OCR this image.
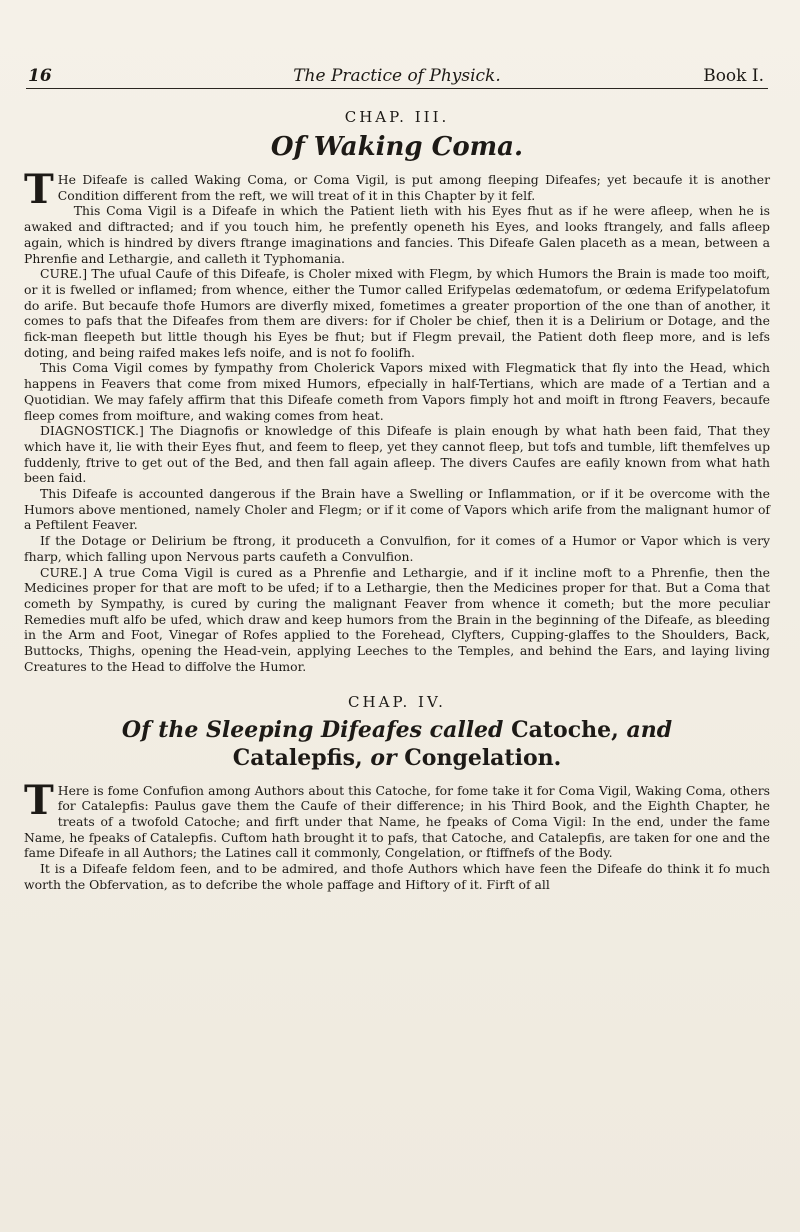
16	The Practice of Physick.	Book I.
CHAP. III.
Of Waking Coma.

T He Difeafe is called Waking Coma, or Coma Vigil, is put among fleeping Difeafes; yet becaufe it is another Condition different from the reft, we will treat of it in this Chapter by it felf.

This Coma Vigil is a Difeafe in which the Patient lieth with his Eyes fhut as if he were afleep, when he is awaked and diftracted; and if you touch him, he prefently openeth his Eyes, and looks ftrangely, and falls afleep again, which is hindred by divers ftrange imaginations and fancies. This Difeafe Galen placeth as a mean, between a Phrenfie and Lethargie, and calleth it Typhomania.

CURE.] The ufual Caufe of this Difeafe, is Choler mixed with Flegm, by which Humors the Brain is made too moift, or it is fwelled or inflamed; from whence, either the Tumor called Erifypelas œdematofum, or œdema Erifypelatofum do arife. But becaufe thofe Humors are diverfly mixed, fometimes a greater proportion of the one than of another, it comes to pafs that the Difeafes from them are divers: for if Choler be chief, then it is a Delirium or Dotage, and the fick-man fleepeth but little though his Eyes be fhut; but if Flegm prevail, the Patient doth fleep more, and is lefs doting, and being raifed makes lefs noife, and is not fo foolifh.

This Coma Vigil comes by fympathy from Cholerick Vapors mixed with Flegmatick that fly into the Head, which happens in Feavers that come from mixed Humors, efpecially in half-Tertians, which are made of a Tertian and a Quotidian. We may fafely affirm that this Difeafe cometh from Vapors fimply hot and moift in ftrong Feavers, becaufe fleep comes from moifture, and waking comes from heat.

DIAGNOSTICK.] The Diagnofis or knowledge of this Difeafe is plain enough by what hath been faid, That they which have it, lie with their Eyes fhut, and feem to fleep, yet they cannot fleep, but tofs and tumble, lift themfelves up fuddenly, ftrive to get out of the Bed, and then fall again afleep. The divers Caufes are eafily known from what hath been faid.

This Difeafe is accounted dangerous if the Brain have a Swelling or Inflammation, or if it be overcome with the Humors above mentioned, namely Choler and Flegm; or if it come of Vapors which arife from the malignant humor of a Peftilent Feaver.

If the Dotage or Delirium be ftrong, it produceth a Convulfion, for it comes of a Humor or Vapor which is very fharp, which falling upon Nervous parts caufeth a Convulfion.

CURE.] A true Coma Vigil is cured as a Phrenfie and Lethargie, and if it incline moft to a Phrenfie, then the Medicines proper for that are moft to be ufed; if to a Lethargie, then the Medicines proper for that. But a Coma that cometh by Sympathy, is cured by curing the malignant Feaver from whence it cometh; but the more peculiar Remedies muft alfo be ufed, which draw and keep humors from the Brain in the beginning of the Difeafe, as bleeding in the Arm and Foot, Vinegar of Rofes applied to the Forehead, Clyfters, Cupping-glaffes to the Shoulders, Back, Buttocks, Thighs, opening the Head-vein, applying Leeches to the Temples, and behind the Ears, and laying living Creatures to the Head to diffolve the Humor.

CHAP. IV.
Of the Sleeping Difeafes called Catoche, and
Catalepfis, or Congelation.

T Here is fome Confufion among Authors about this Catoche, for fome take it for Coma Vigil, Waking Coma, others for Catalepfis: Paulus gave them the Caufe of their difference; in his Third Book, and the Eighth Chapter, he treats of a twofold Catoche; and firft under that Name, he fpeaks of Coma Vigil: In the end, under the fame Name, he fpeaks of Catalepfis. Cuftom hath brought it to pafs, that Catoche, and Catalepfis, are taken for one and the fame Difeafe in all Authors; the Latines call it commonly, Congelation, or ftiffnefs of the Body.

It is a Difeafe feldom feen, and to be admired, and thofe Authors which have feen the Difeafe do think it fo much worth the Obfervation, as to defcribe the whole paffage and Hiftory of it. Firft of all
